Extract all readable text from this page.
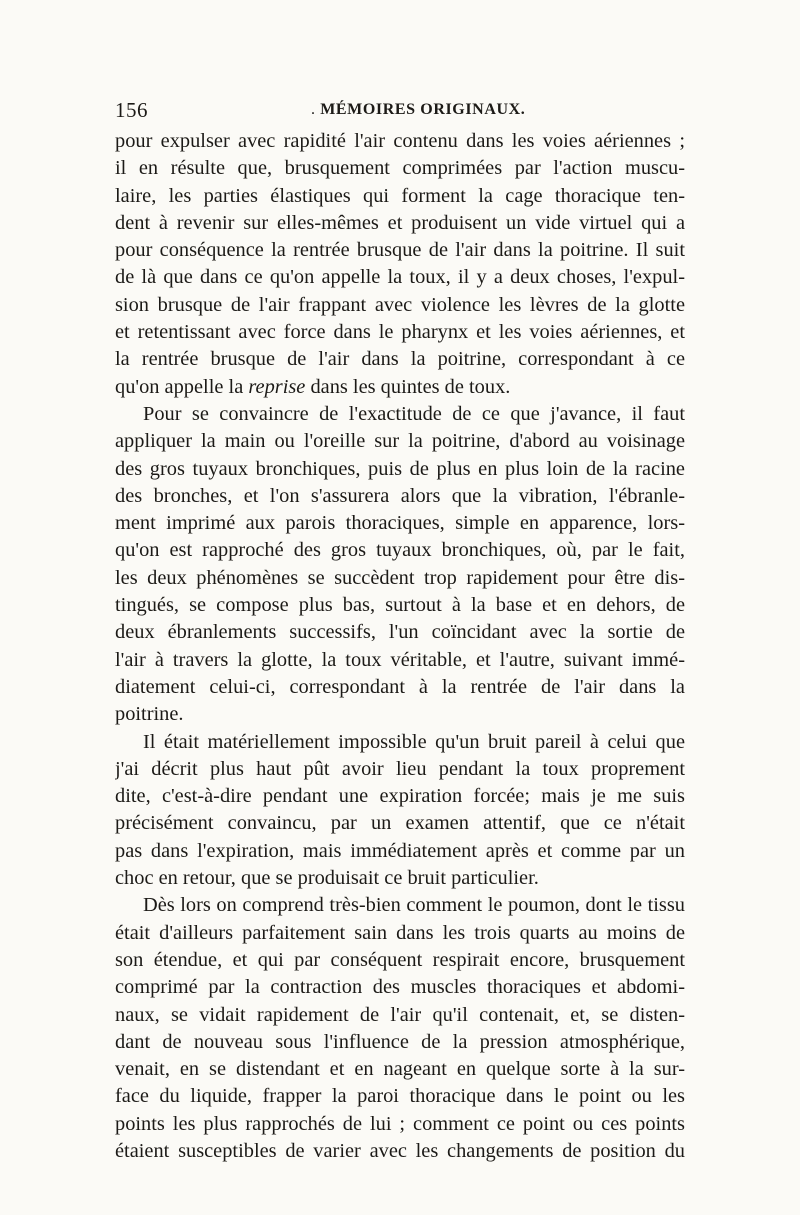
156	. MÉMOIRES ORIGINAUX.
pour expulser avec rapidité l'air contenu dans les voies aériennes ;
il en résulte que, brusquement comprimées par l'action muscu-
laire, les parties élastiques qui forment la cage thoracique ten-
dent à revenir sur elles-mêmes et produisent un vide virtuel qui a
pour conséquence la rentrée brusque de l'air dans la poitrine. Il suit
de là que dans ce qu'on appelle la toux, il y a deux choses, l'expul-
sion brusque de l'air frappant avec violence les lèvres de la glotte
et retentissant avec force dans le pharynx et les voies aériennes, et
la rentrée brusque de l'air dans la poitrine, correspondant à ce
qu'on appelle la reprise dans les quintes de toux.
Pour se convaincre de l'exactitude de ce que j'avance, il faut
appliquer la main ou l'oreille sur la poitrine, d'abord au voisinage
des gros tuyaux bronchiques, puis de plus en plus loin de la racine
des bronches, et l'on s'assurera alors que la vibration, l'ébranle-
ment imprimé aux parois thoraciques, simple en apparence, lors-
qu'on est rapproché des gros tuyaux bronchiques, où, par le fait,
les deux phénomènes se succèdent trop rapidement pour être dis-
tingués, se compose plus bas, surtout à la base et en dehors, de
deux ébranlements successifs, l'un coïncidant avec la sortie de
l'air à travers la glotte, la toux véritable, et l'autre, suivant immé-
diatement celui-ci, correspondant à la rentrée de l'air dans la
poitrine.
Il était matériellement impossible qu'un bruit pareil à celui que
j'ai décrit plus haut pût avoir lieu pendant la toux proprement
dite, c'est-à-dire pendant une expiration forcée; mais je me suis
précisément convaincu, par un examen attentif, que ce n'était
pas dans l'expiration, mais immédiatement après et comme par un
choc en retour, que se produisait ce bruit particulier.
Dès lors on comprend très-bien comment le poumon, dont le tissu
était d'ailleurs parfaitement sain dans les trois quarts au moins de
son étendue, et qui par conséquent respirait encore, brusquement
comprimé par la contraction des muscles thoraciques et abdomi-
naux, se vidait rapidement de l'air qu'il contenait, et, se disten-
dant de nouveau sous l'influence de la pression atmosphérique,
venait, en se distendant et en nageant en quelque sorte à la sur-
face du liquide, frapper la paroi thoracique dans le point ou les
points les plus rapprochés de lui ; comment ce point ou ces points
étaient susceptibles de varier avec les changements de position du
